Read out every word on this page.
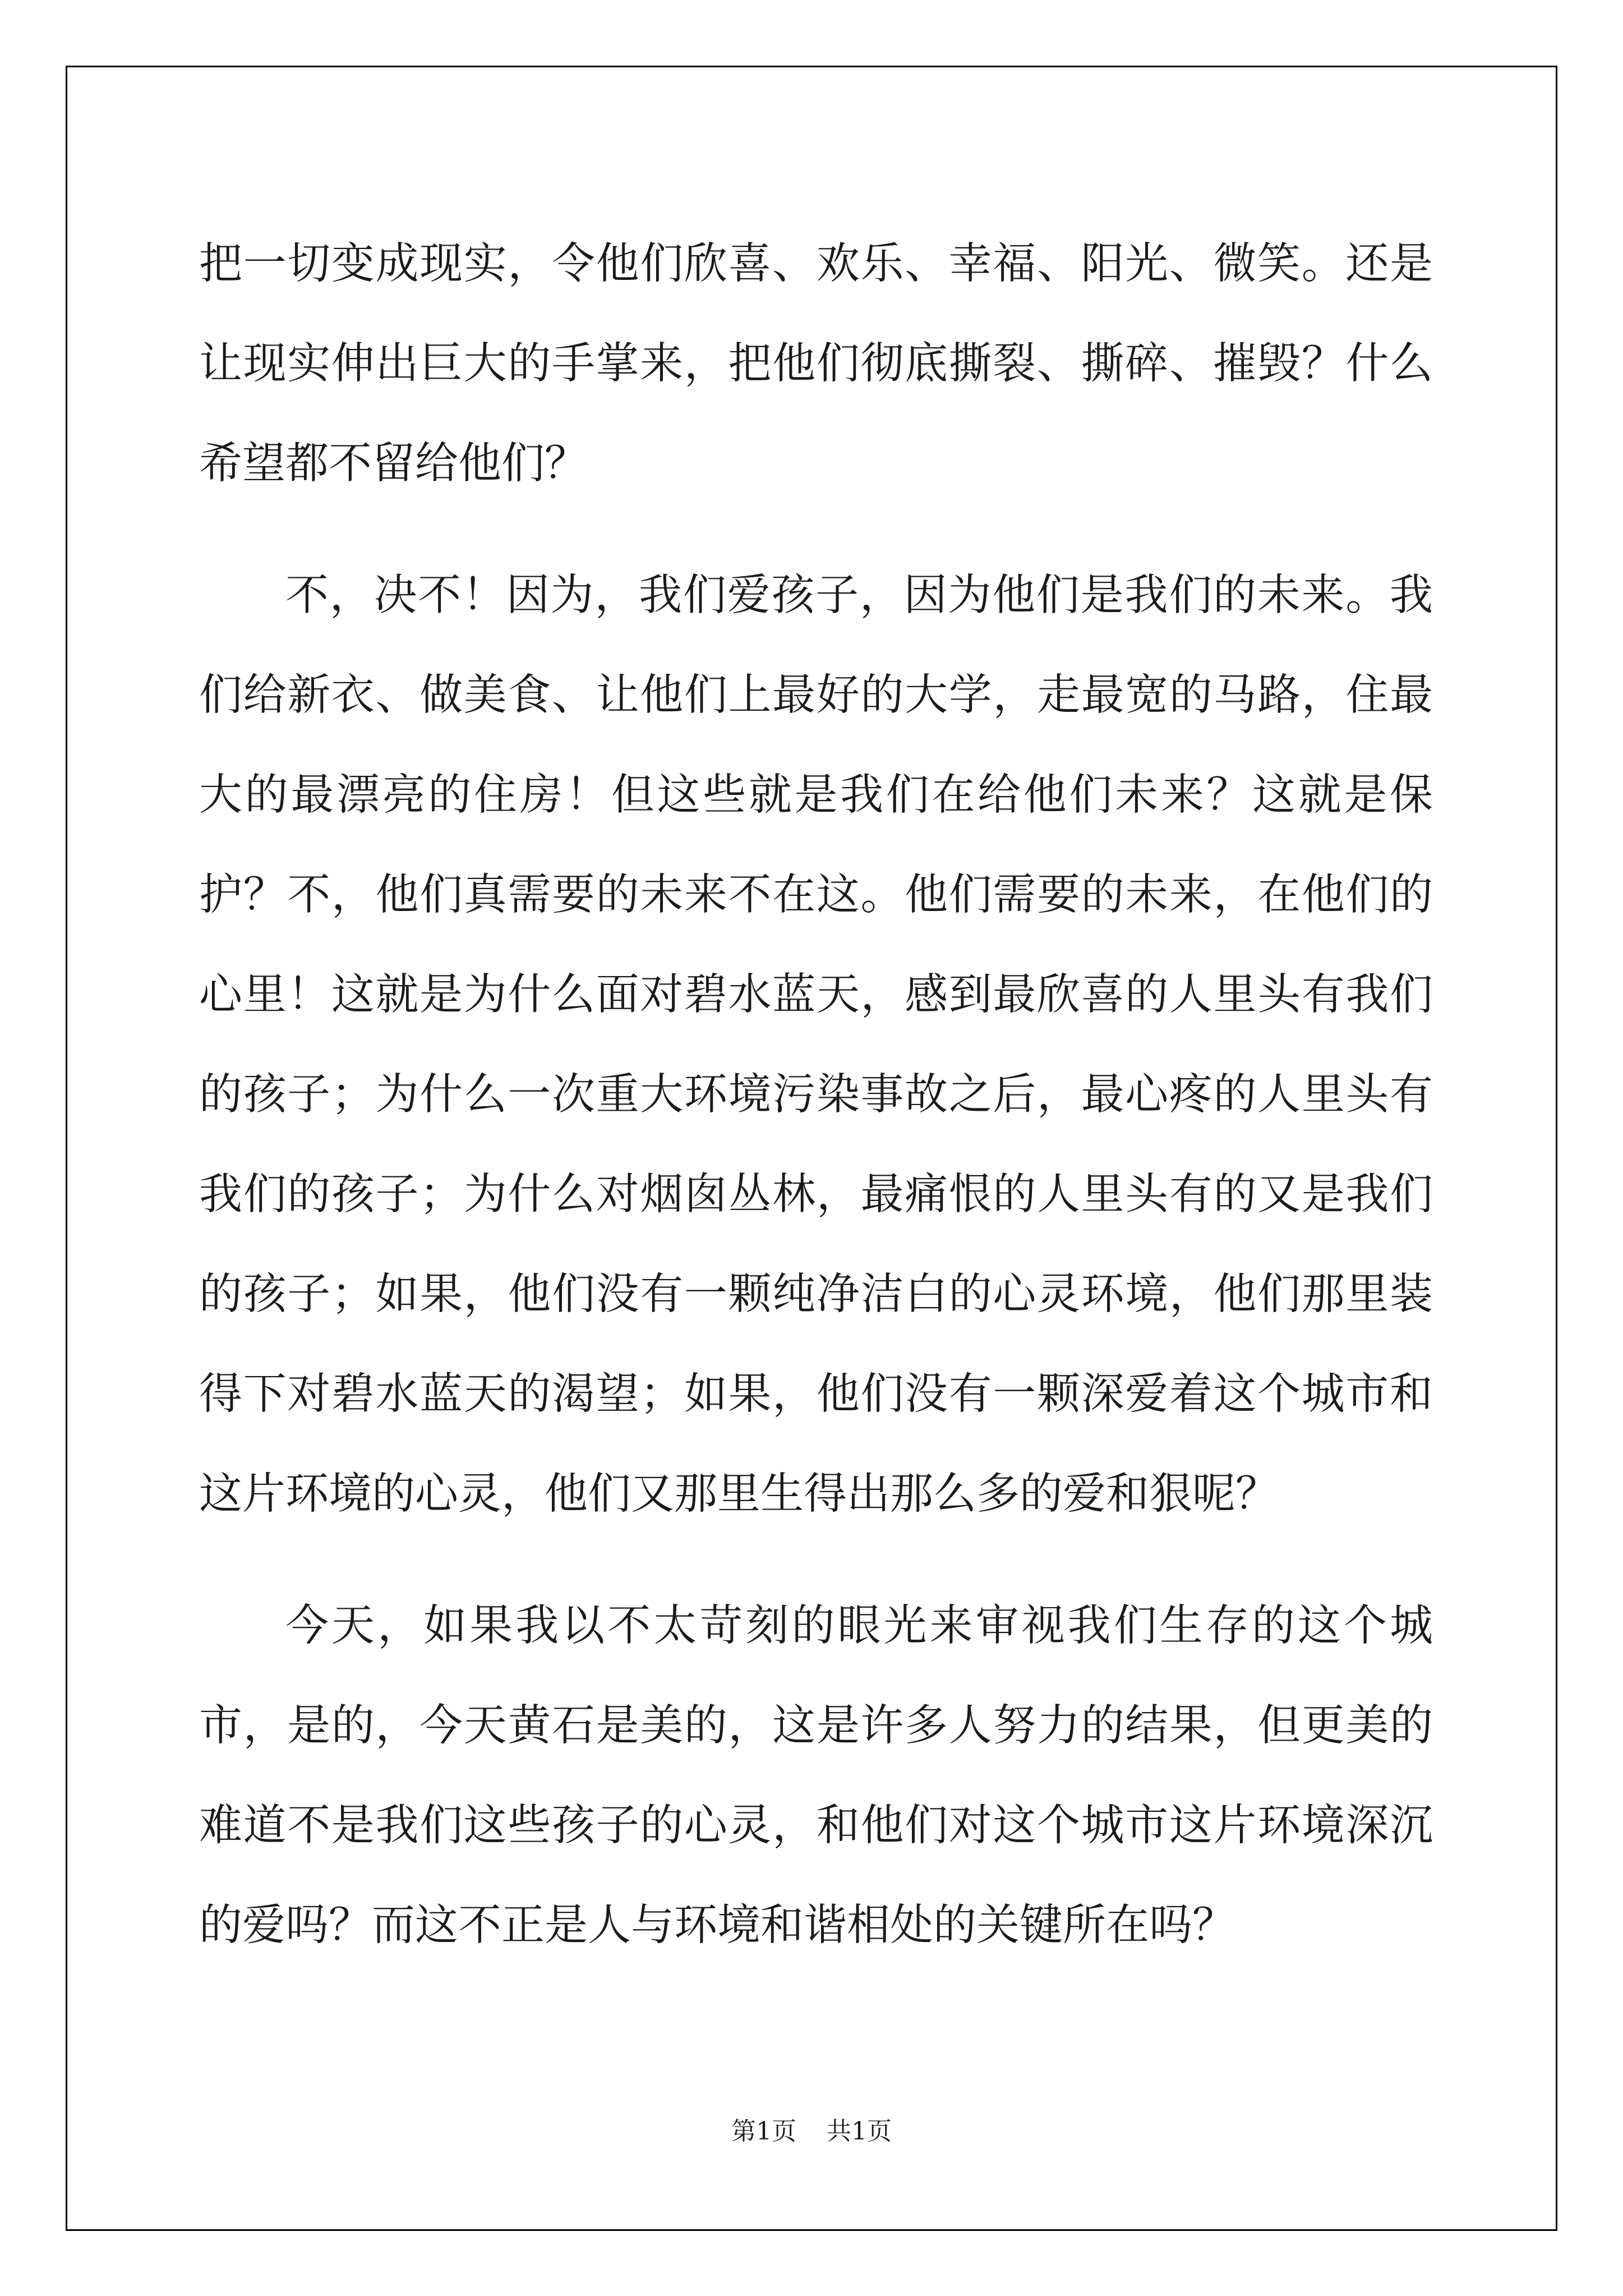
把一切变成现实，令他们欣喜、欢乐、幸福、阳光、微笑。还是让现实伸出巨大的手掌来，把他们彻底撕裂、撕碎、摧毁？什么希望都不留给他们？

不，决不！因为，我们爱孩子，因为他们是我们的未来。我们给新衣、做美食、让他们上最好的大学，走最宽的马路，住最大的最漂亮的住房！但这些就是我们在给他们未来？这就是保护？不，他们真需要的未来不在这。他们需要的未来，在他们的心里！这就是为什么面对碧水蓝天，感到最欣喜的人里头有我们的孩子；为什么一次重大环境污染事故之后，最心疼的人里头有我们的孩子；为什么对烟囱丛林，最痛恨的人里头有的又是我们的孩子；如果，他们没有一颗纯净洁白的心灵环境，他们那里装得下对碧水蓝天的渴望；如果，他们没有一颗深爱着这个城市和这片环境的心灵，他们又那里生得出那么多的爱和狠呢？

今天，如果我以不太苛刻的眼光来审视我们生存的这个城市，是的，今天黄石是美的，这是许多人努力的结果，但更美的难道不是我们这些孩子的心灵，和他们对这个城市这片环境深沉的爱吗？而这不正是人与环境和谐相处的关键所在吗？

第1页 共1页
